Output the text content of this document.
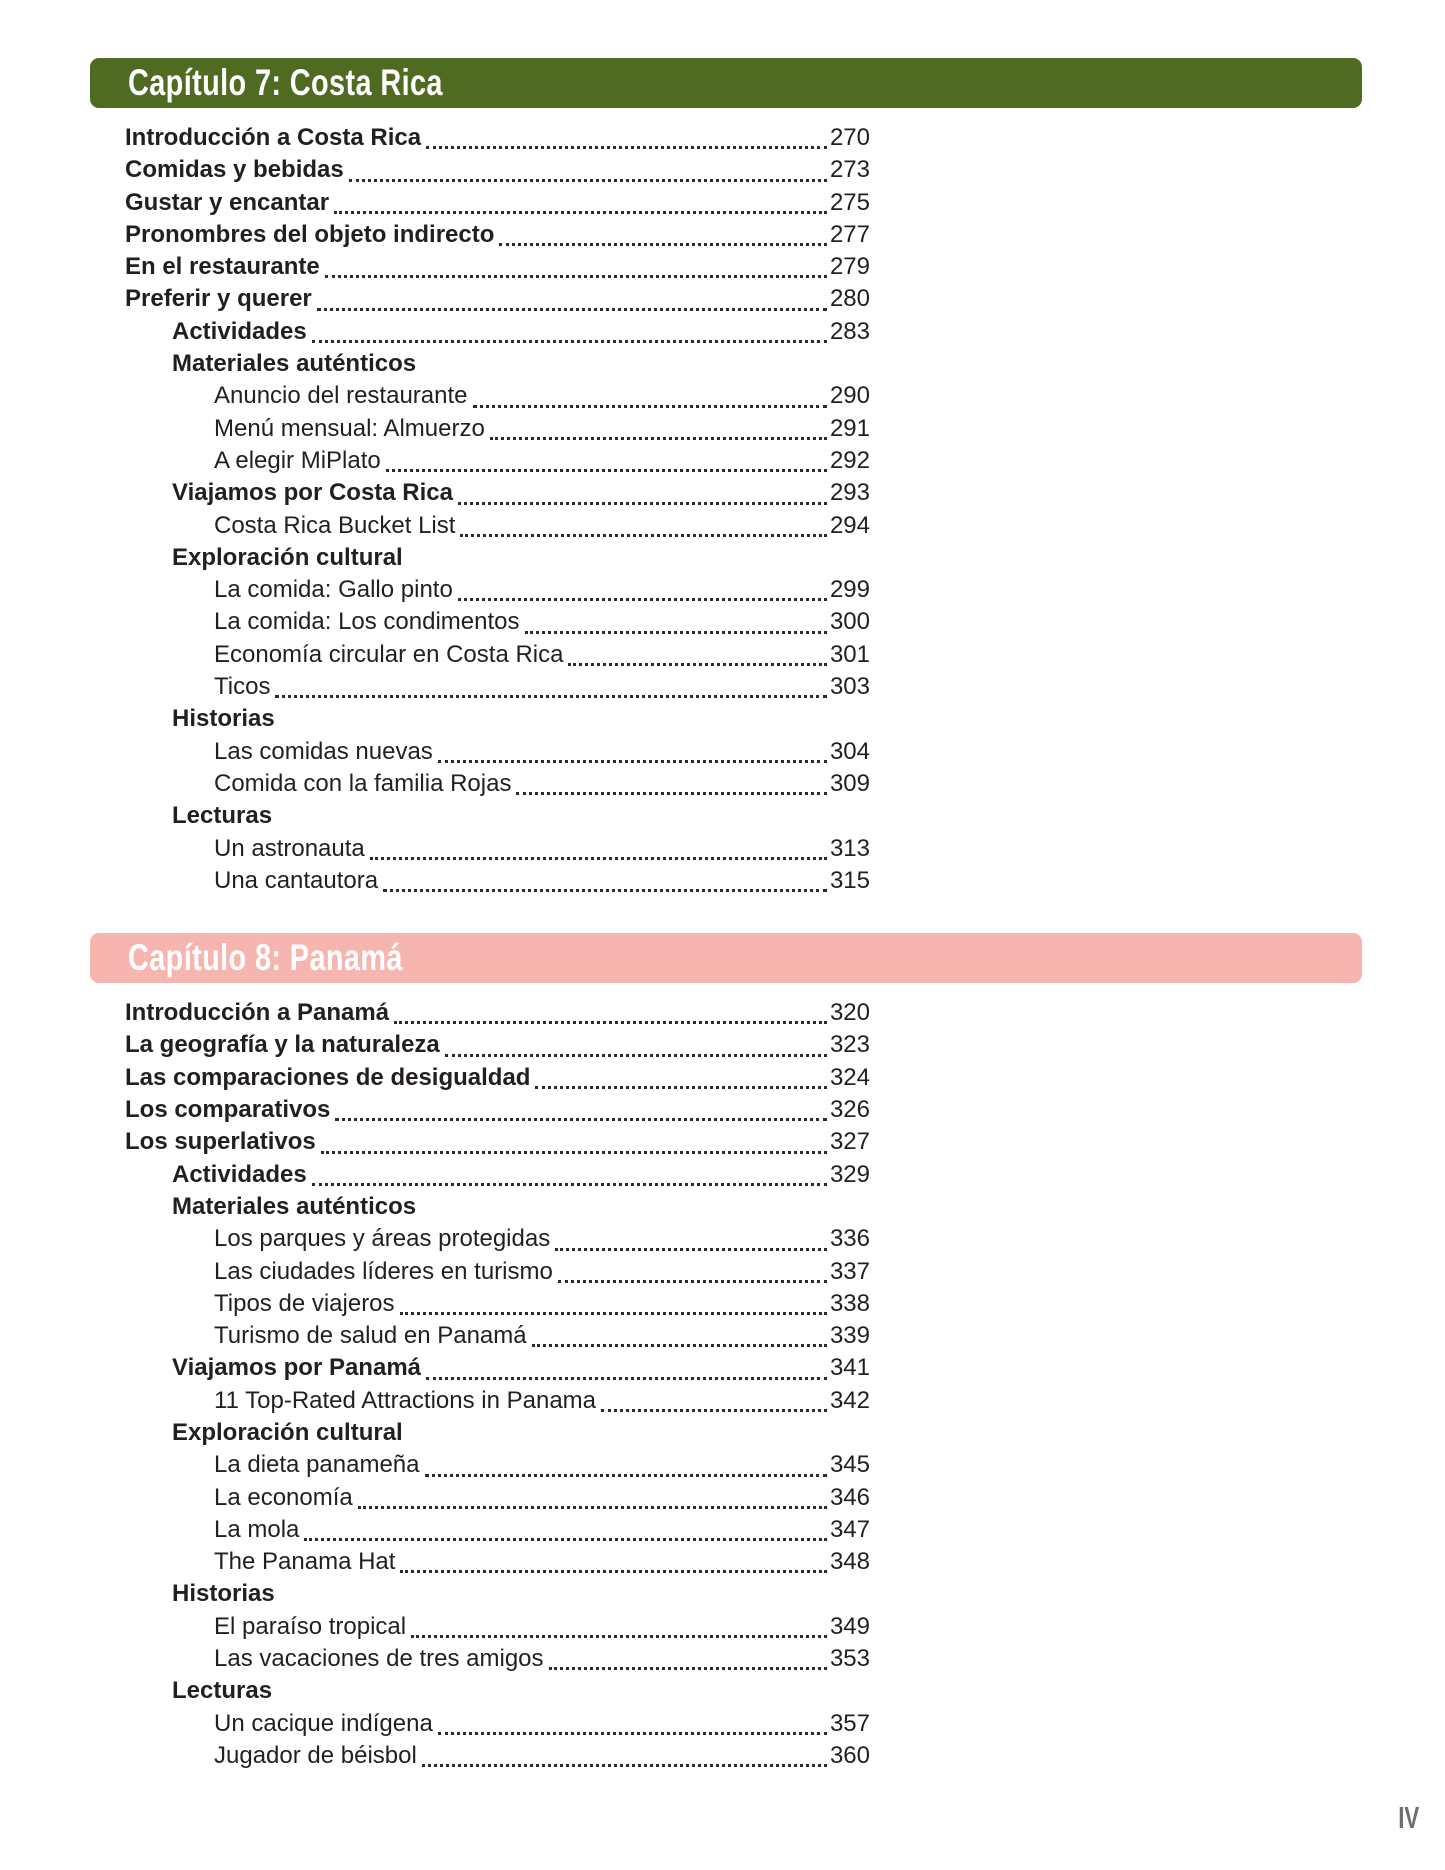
Capítulo 7: Costa Rica
Introducción a Costa Rica	270
Comidas y bebidas	273
Gustar y encantar	275
Pronombres del objeto indirecto	277
En el restaurante	279
Preferir y querer	280
Actividades	283
Materiales auténticos
Anuncio del restaurante	290
Menú mensual: Almuerzo	291
A elegir MiPlato	292
Viajamos por Costa Rica	293
Costa Rica Bucket List	294
Exploración cultural
La comida: Gallo pinto	299
La comida: Los condimentos	300
Economía circular en Costa Rica	301
Ticos	303
Historias
Las comidas nuevas	304
Comida con la familia Rojas	309
Lecturas
Un astronauta	313
Una cantautora	315
Capítulo 8: Panamá
Introducción a Panamá	320
La geografía y la naturaleza	323
Las comparaciones de desigualdad	324
Los comparativos	326
Los superlativos	327
Actividades	329
Materiales auténticos
Los parques y áreas protegidas	336
Las ciudades líderes en turismo	337
Tipos de viajeros	338
Turismo de salud en Panamá	339
Viajamos por Panamá	341
11 Top-Rated Attractions in Panama	342
Exploración cultural
La dieta panameña	345
La economía	346
La mola	347
The Panama Hat	348
Historias
El paraíso tropical	349
Las vacaciones de tres amigos	353
Lecturas
Un cacique indígena	357
Jugador de béisbol	360
IV
